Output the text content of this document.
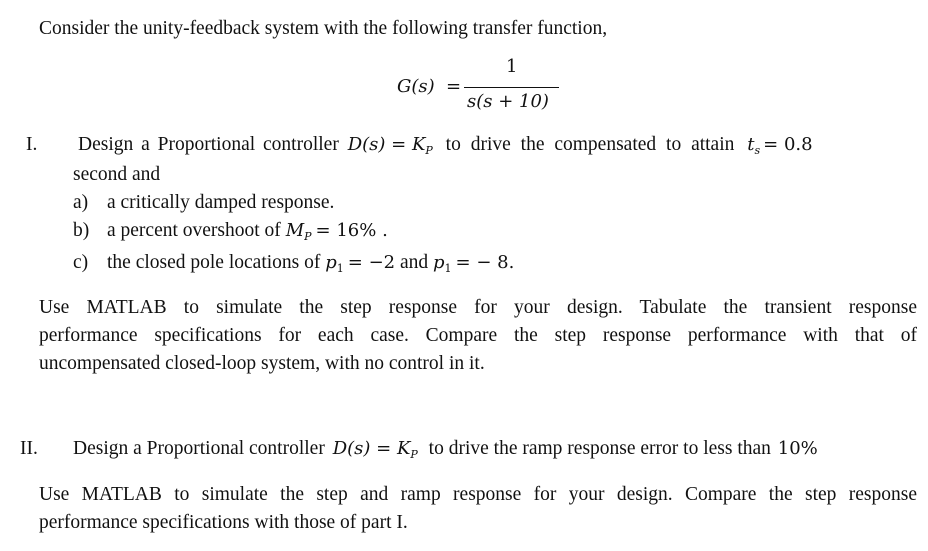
Consider the unity-feedback system with the following transfer function,
G(s) =
1
s(s + 10)
I. Design a Proportional controller $D(s) = K_P$ to drive the compensated to attain $t_s = 0.8$
second and
a) a critically damped response.
b) a percent overshoot of $M_P = 16\%$ .
c) the closed pole locations of $p_1 = -2$ and $p_1$ = − 8.
Use MATLAB to simulate the step response for your design. Tabulate the transient response
performance specifications for each case. Compare the step response performance with that of
uncompensated closed-loop system, with no control in it.
II. Design a Proportional controller $D(s) = K_P$ to drive the ramp response error to less than 10%
Use MATLAB to simulate the step and ramp response for your design. Compare the step response
performance specifications with those of part I.
